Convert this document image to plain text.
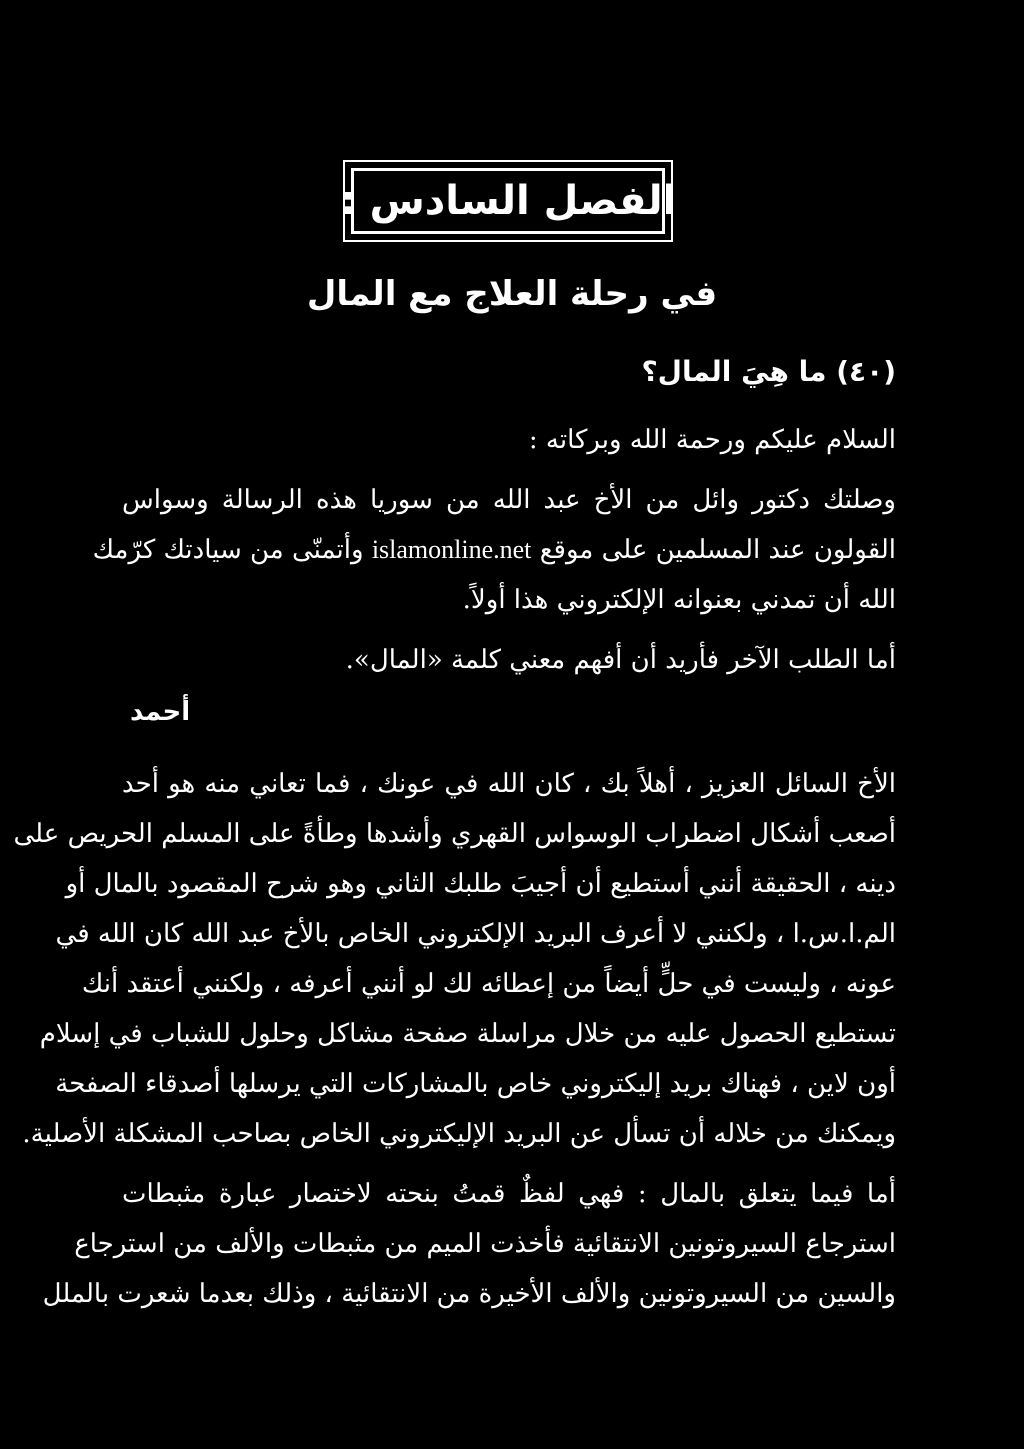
الفصل السادس :
في رحلة العلاج مع المال
(٤٠) ما هِيَ المال؟
السلام عليكم ورحمة الله وبركاته :
وصلتك دكتور وائل من الأخ عبد الله من سوريا هذه الرسالة وسواس
القولون عند المسلمين على موقع islamonline.net وأتمنّى من سيادتك كرّمك
الله أن تمدني بعنوانه الإلكتروني هذا أولاً.
أما الطلب الآخر فأريد أن أفهم معني كلمة «المال».
أحمد
الأخ السائل العزيز ، أهلاً بك ، كان الله في عونك ، فما تعاني منه هو أحد
أصعب أشكال اضطراب الوسواس القهري وأشدها وطأةً على المسلم الحريص على
دينه ، الحقيقة أنني أستطيع أن أجيبَ طلبك الثاني وهو شرح المقصود بالمال أو
الم.ا.س.ا ، ولكنني لا أعرف البريد الإلكتروني الخاص بالأخ عبد الله كان الله في
عونه ، وليست في حلٍّ أيضاً من إعطائه لك لو أنني أعرفه ، ولكنني أعتقد أنك
تستطيع الحصول عليه من خلال مراسلة صفحة مشاكل وحلول للشباب في إسلام
أون لاين ، فهناك بريد إليكتروني خاص بالمشاركات التي يرسلها أصدقاء الصفحة
ويمكنك من خلاله أن تسأل عن البريد الإليكتروني الخاص بصاحب المشكلة الأصلية.
أما فيما يتعلق بالمال : فهي لفظٌ قمتُ بنحته لاختصار عبارة مثبطات
استرجاع السيروتونين الانتقائية فأخذت الميم من مثبطات والألف من استرجاع
والسين من السيروتونين والألف الأخيرة من الانتقائية ، وذلك بعدما شعرت بالملل
